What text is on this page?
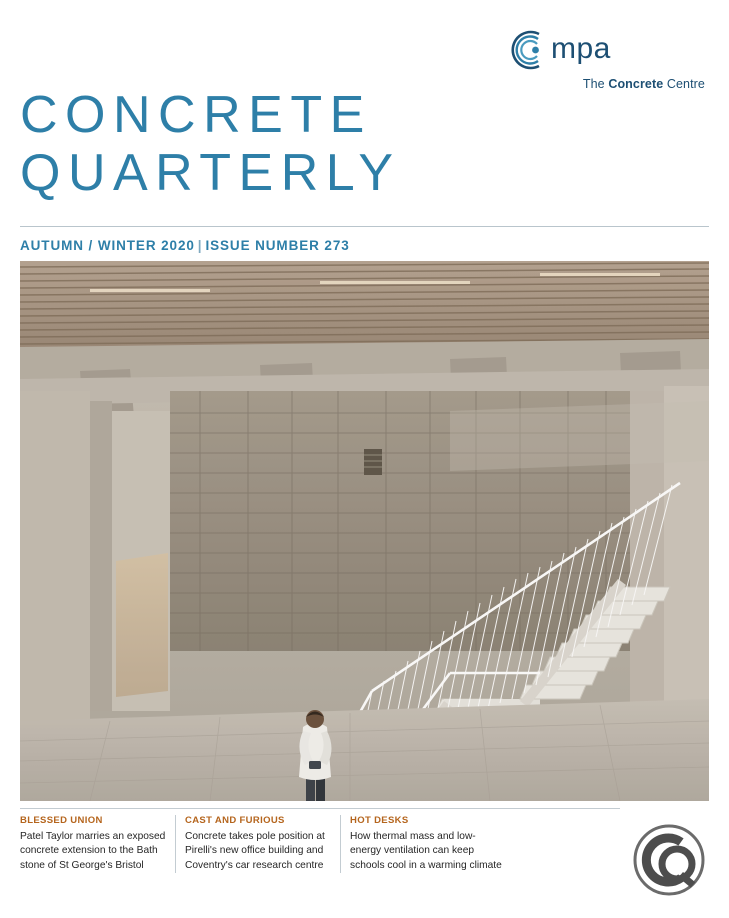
mpa
The Concrete Centre
CONCRETE
QUARTERLY
AUTUMN / WINTER 2020 | ISSUE NUMBER 273
BLESSED UNION
Patel Taylor marries an exposed concrete extension to the Bath stone of St George's Bristol
CAST AND FURIOUS
Concrete takes pole position at Pirelli's new office building and Coventry's car research centre
HOT DESKS
How thermal mass and low-energy ventilation can keep schools cool in a warming climate
